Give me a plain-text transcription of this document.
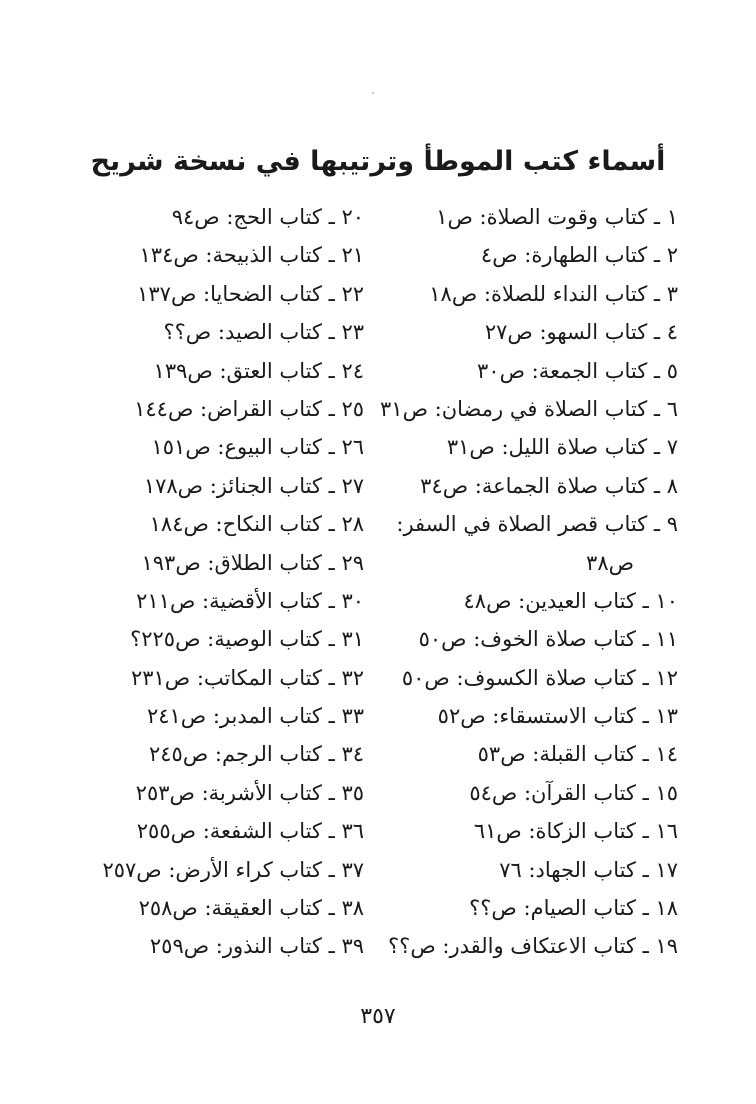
أسماء كتب الموطأ وترتيبها في نسخة شريح
١ ـ كتاب وقوت الصلاة: ص١
٢ ـ كتاب الطهارة: ص٤
٣ ـ كتاب النداء للصلاة: ص١٨
٤ ـ كتاب السهو: ص٢٧
٥ ـ كتاب الجمعة: ص٣٠
٦ ـ كتاب الصلاة في رمضان: ص٣١
٧ ـ كتاب صلاة الليل: ص٣١
٨ ـ كتاب صلاة الجماعة: ص٣٤
٩ ـ كتاب قصر الصلاة في السفر:
ص٣٨
١٠ ـ كتاب العيدين: ص٤٨
١١ ـ كتاب صلاة الخوف: ص٥٠
١٢ ـ كتاب صلاة الكسوف: ص٥٠
١٣ ـ كتاب الاستسقاء: ص٥٢
١٤ ـ كتاب القبلة: ص٥٣
١٥ ـ كتاب القرآن: ص٥٤
١٦ ـ كتاب الزكاة: ص٦١
١٧ ـ كتاب الجهاد: ٧٦
١٨ ـ كتاب الصيام: ص؟؟
١٩ ـ كتاب الاعتكاف والقدر: ص؟؟
٢٠ ـ كتاب الحج: ص٩٤
٢١ ـ كتاب الذبيحة: ص١٣٤
٢٢ ـ كتاب الضحايا: ص١٣٧
٢٣ ـ كتاب الصيد: ص؟؟
٢٤ ـ كتاب العتق: ص١٣٩
٢٥ ـ كتاب القراض: ص١٤٤
٢٦ ـ كتاب البيوع: ص١٥١
٢٧ ـ كتاب الجنائز: ص١٧٨
٢٨ ـ كتاب النكاح: ص١٨٤
٢٩ ـ كتاب الطلاق: ص١٩٣
٣٠ ـ كتاب الأقضية: ص٢١١
٣١ ـ كتاب الوصية: ص٢٢٥؟
٣٢ ـ كتاب المكاتب: ص٢٣١
٣٣ ـ كتاب المدبر: ص٢٤١
٣٤ ـ كتاب الرجم: ص٢٤٥
٣٥ ـ كتاب الأشربة: ص٢٥٣
٣٦ ـ كتاب الشفعة: ص٢٥٥
٣٧ ـ كتاب كراء الأرض: ص٢٥٧
٣٨ ـ كتاب العقيقة: ص٢٥٨
٣٩ ـ كتاب النذور: ص٢٥٩
٣٥٧
